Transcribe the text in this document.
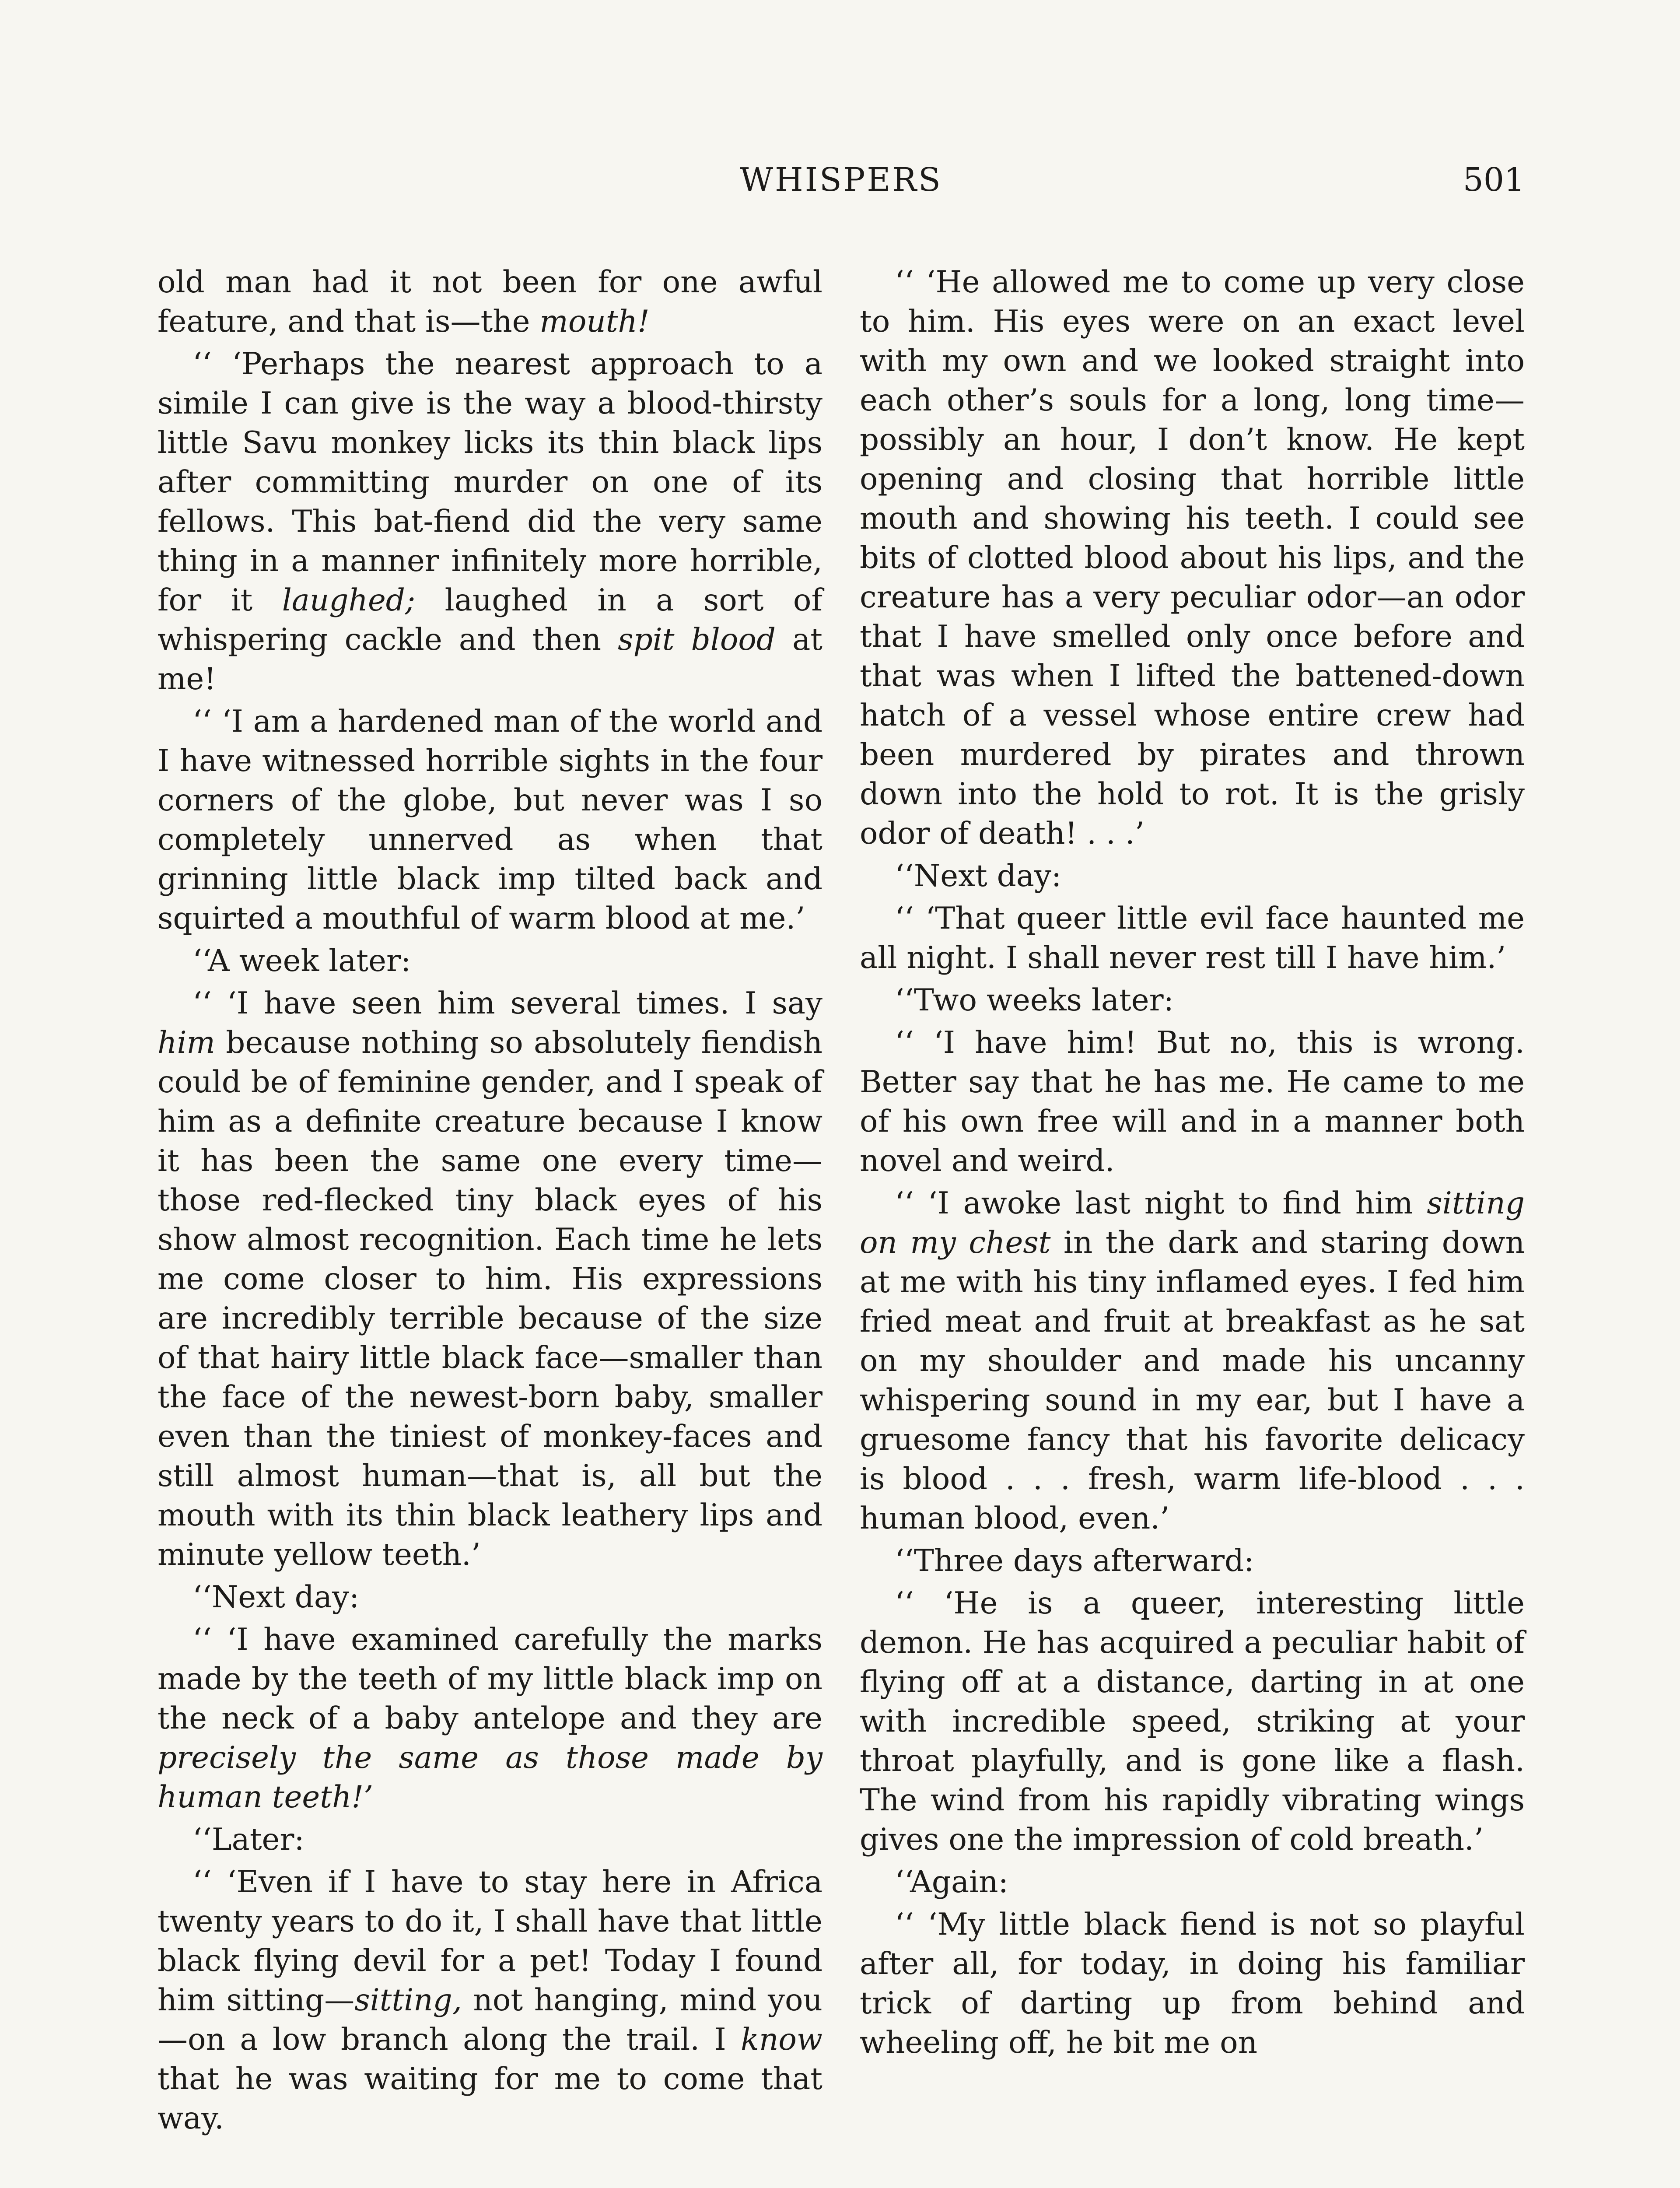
WHISPERS	501

old man had it not been for one awful feature, and that is—the mouth!

‘‘ ‘Perhaps the nearest approach to a simile I can give is the way a blood-thirsty little Savu monkey licks its thin black lips after committing murder on one of its fellows. This bat-fiend did the very same thing in a manner infinitely more horrible, for it laughed; laughed in a sort of whispering cackle and then spit blood at me!

‘‘ ‘I am a hardened man of the world and I have witnessed horrible sights in the four corners of the globe, but never was I so completely unnerved as when that grinning little black imp tilted back and squirted a mouthful of warm blood at me.’

‘‘A week later:

‘‘ ‘I have seen him several times. I say him because nothing so absolutely fiendish could be of feminine gender, and I speak of him as a definite creature because I know it has been the same one every time—those red-flecked tiny black eyes of his show almost recognition. Each time he lets me come closer to him. His expressions are incredibly terrible because of the size of that hairy little black face—smaller than the face of the newest-born baby, smaller even than the tiniest of monkey-faces and still almost human—that is, all but the mouth with its thin black leathery lips and minute yellow teeth.’

‘‘Next day:

‘‘ ‘I have examined carefully the marks made by the teeth of my little black imp on the neck of a baby antelope and they are precisely the same as those made by human teeth!’

‘‘Later:

‘‘ ‘Even if I have to stay here in Africa twenty years to do it, I shall have that little black flying devil for a pet! Today I found him sitting—sitting, not hanging, mind you—on a low branch along the trail. I know that he was waiting for me to come that way.

‘‘ ‘He allowed me to come up very close to him. His eyes were on an exact level with my own and we looked straight into each other’s souls for a long, long time—possibly an hour, I don’t know. He kept opening and closing that horrible little mouth and showing his teeth. I could see bits of clotted blood about his lips, and the creature has a very peculiar odor—an odor that I have smelled only once before and that was when I lifted the battened-down hatch of a vessel whose entire crew had been murdered by pirates and thrown down into the hold to rot. It is the grisly odor of death! . . .’

‘‘Next day:

‘‘ ‘That queer little evil face haunted me all night. I shall never rest till I have him.’

‘‘Two weeks later:

‘‘ ‘I have him! But no, this is wrong. Better say that he has me. He came to me of his own free will and in a manner both novel and weird.

‘‘ ‘I awoke last night to find him sitting on my chest in the dark and staring down at me with his tiny inflamed eyes. I fed him fried meat and fruit at breakfast as he sat on my shoulder and made his uncanny whispering sound in my ear, but I have a gruesome fancy that his favorite delicacy is blood . . . fresh, warm life-blood . . . human blood, even.’

‘‘Three days afterward:

‘‘ ‘He is a queer, interesting little demon. He has acquired a peculiar habit of flying off at a distance, darting in at one with incredible speed, striking at your throat playfully, and is gone like a flash. The wind from his rapidly vibrating wings gives one the impression of cold breath.’

‘‘Again:

‘‘ ‘My little black fiend is not so playful after all, for today, in doing his familiar trick of darting up from behind and wheeling off, he bit me on
